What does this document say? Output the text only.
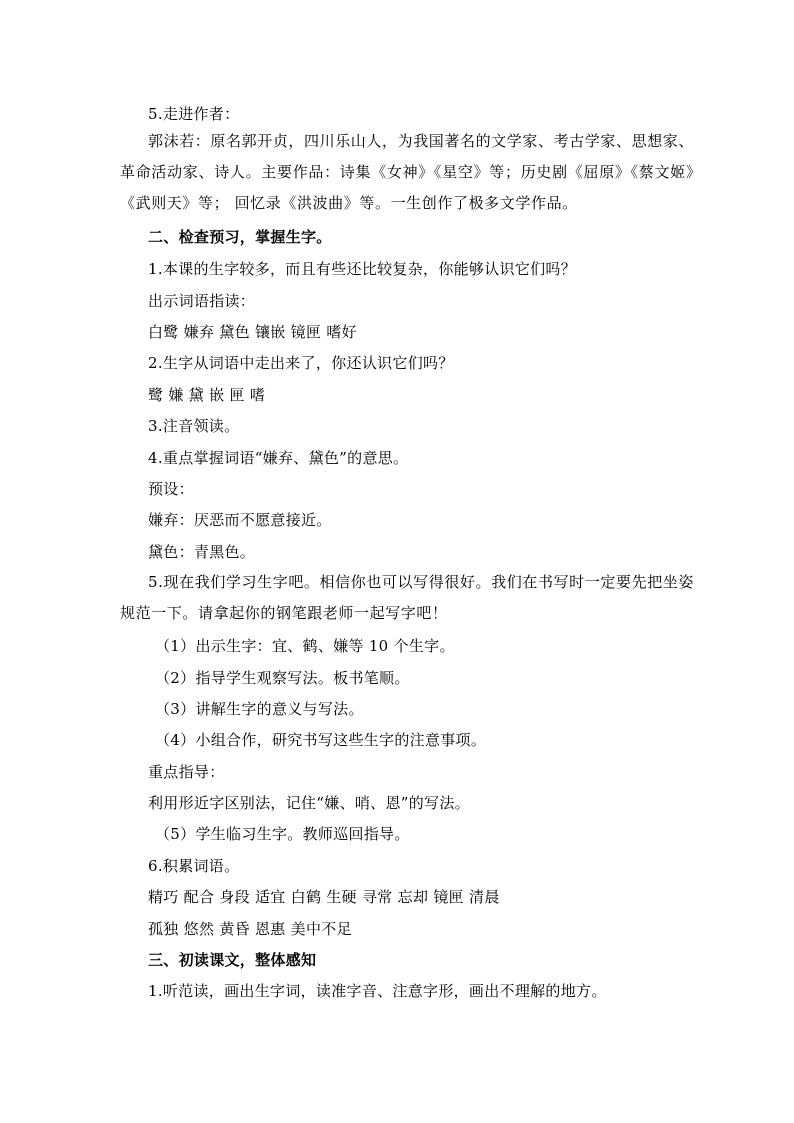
5.走进作者：
郭沫若：原名郭开贞，四川乐山人，为我国著名的文学家、考古学家、思想家、革命活动家、诗人。主要作品：诗集《女神》《星空》等；历史剧《屈原》《蔡文姬》《武则天》等； 回忆录《洪波曲》等。一生创作了极多文学作品。
二、检查预习，掌握生字。
1.本课的生字较多，而且有些还比较复杂，你能够认识它们吗？
出示词语指读：
白鹭 嫌弃 黛色 镶嵌 镜匣 嗜好
2.生字从词语中走出来了，你还认识它们吗？
鹭 嫌 黛 嵌 匣 嗜
3.注音领读。
4.重点掌握词语“嫌弃、黛色”的意思。
预设：
嫌弃：厌恶而不愿意接近。
黛色：青黑色。
5.现在我们学习生字吧。相信你也可以写得很好。我们在书写时一定要先把坐姿规范一下。请拿起你的钢笔跟老师一起写字吧！
（1）出示生字：宜、鹤、嫌等 10 个生字。
（2）指导学生观察写法。板书笔顺。
（3）讲解生字的意义与写法。
（4）小组合作，研究书写这些生字的注意事项。
重点指导：
利用形近字区别法，记住“嫌、哨、恩”的写法。
（5）学生临习生字。教师巡回指导。
6.积累词语。
精巧 配合 身段 适宜 白鹤 生硬 寻常 忘却 镜匣 清晨
孤独 悠然 黄昏 恩惠 美中不足
三、初读课文，整体感知
1.听范读，画出生字词，读准字音、注意字形，画出不理解的地方。
